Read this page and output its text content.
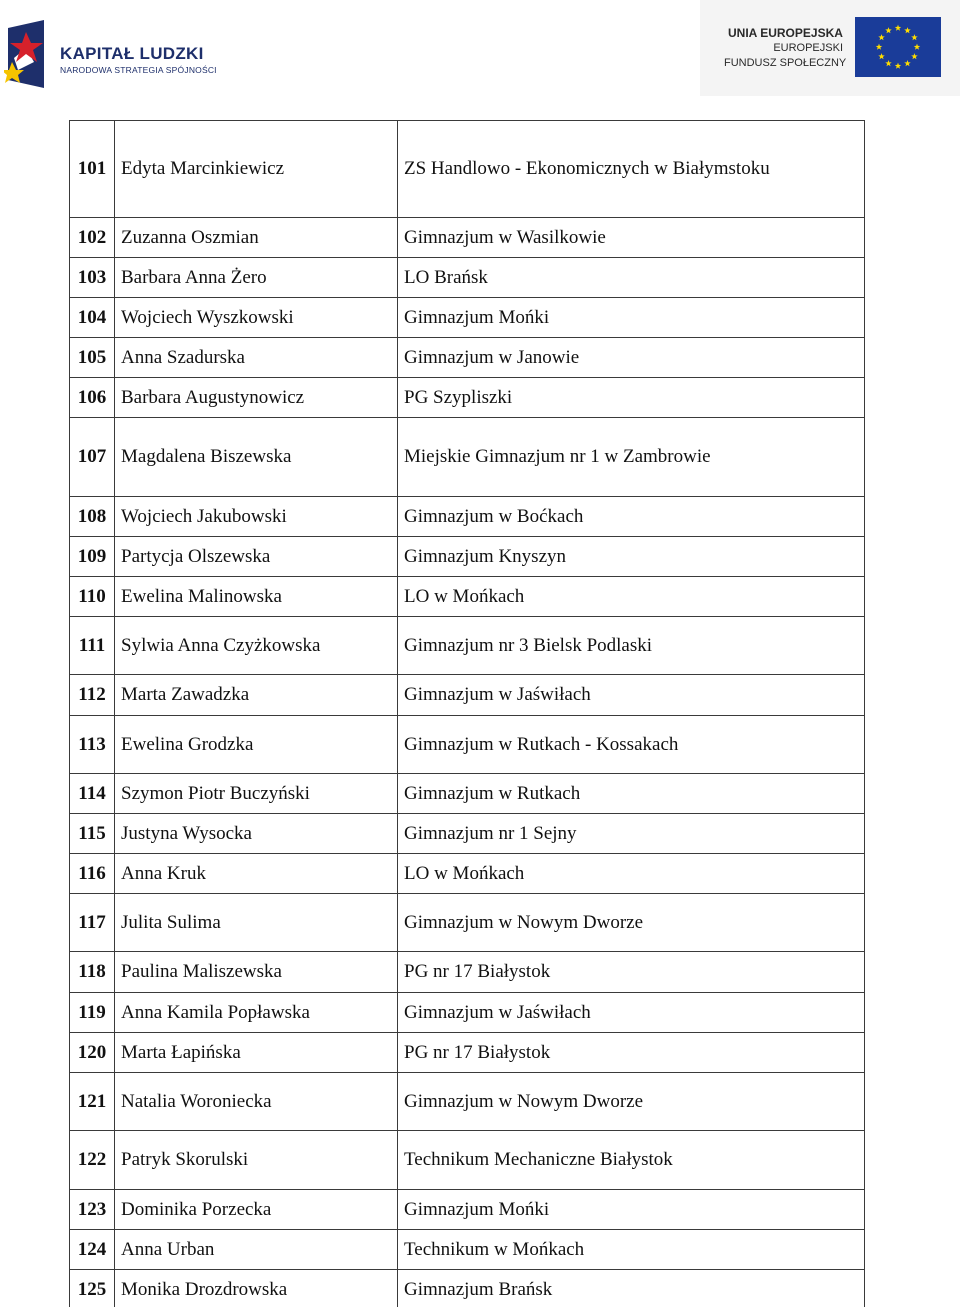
KAPITAŁ LUDZKI
NARODOWA STRATEGIA SPÓJNOŚCI
UNIA EUROPEJSKA
EUROPEJSKI
FUNDUSZ SPOŁECZNY
101	Edyta Marcinkiewicz	ZS Handlowo - Ekonomicznych w Białymstoku
102	Zuzanna Oszmian	Gimnazjum w Wasilkowie
103	Barbara Anna Żero	LO Brańsk
104	Wojciech Wyszkowski	Gimnazjum Mońki
105	Anna Szadurska	Gimnazjum w Janowie
106	Barbara Augustynowicz	PG Szypliszki
107	Magdalena Biszewska	Miejskie Gimnazjum nr 1 w Zambrowie
108	Wojciech Jakubowski	Gimnazjum w Boćkach
109	Partycja Olszewska	Gimnazjum Knyszyn
110	Ewelina Malinowska	LO w Mońkach
111	Sylwia Anna Czyżkowska	Gimnazjum nr 3 Bielsk Podlaski
112	Marta Zawadzka	Gimnazjum w Jaświłach
113	Ewelina Grodzka	Gimnazjum w Rutkach - Kossakach
114	Szymon Piotr Buczyński	Gimnazjum w Rutkach
115	Justyna Wysocka	Gimnazjum nr 1 Sejny
116	Anna Kruk	LO w Mońkach
117	Julita Sulima	Gimnazjum w Nowym Dworze
118	Paulina Maliszewska	PG nr 17 Białystok
119	Anna Kamila Popławska	Gimnazjum w Jaświłach
120	Marta Łapińska	PG nr 17 Białystok
121	Natalia Woroniecka	Gimnazjum w Nowym Dworze
122	Patryk Skorulski	Technikum Mechaniczne Białystok
123	Dominika Porzecka	Gimnazjum Mońki
124	Anna Urban	Technikum w Mońkach
125	Monika Drozdrowska	Gimnazjum Brańsk
